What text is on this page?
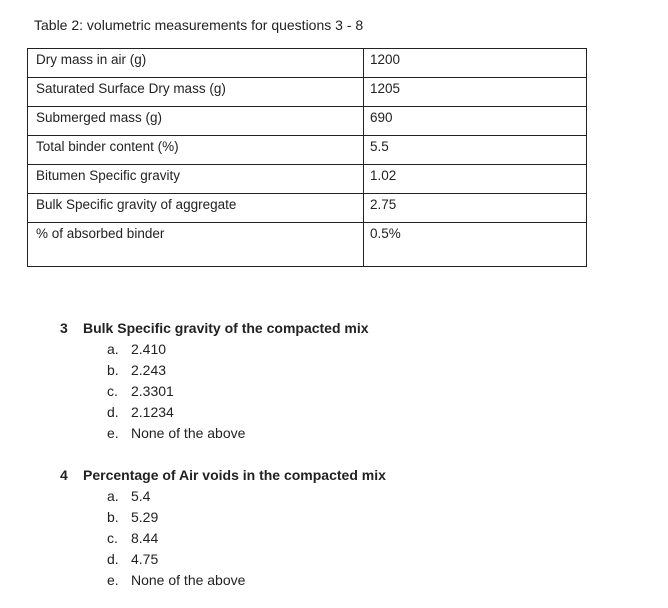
Table 2: volumetric measurements for questions 3 - 8
Dry mass in air (g)	1200
Saturated Surface Dry mass (g)	1205
Submerged mass (g)	690
Total binder content (%)	5.5
Bitumen Specific gravity	1.02
Bulk Specific gravity of aggregate	2.75
% of absorbed binder	0.5%
3 Bulk Specific gravity of the compacted mix
a. 2.410
b. 2.243
c. 2.3301
d. 2.1234
e. None of the above
4 Percentage of Air voids in the compacted mix
a. 5.4
b. 5.29
c. 8.44
d. 4.75
e. None of the above
